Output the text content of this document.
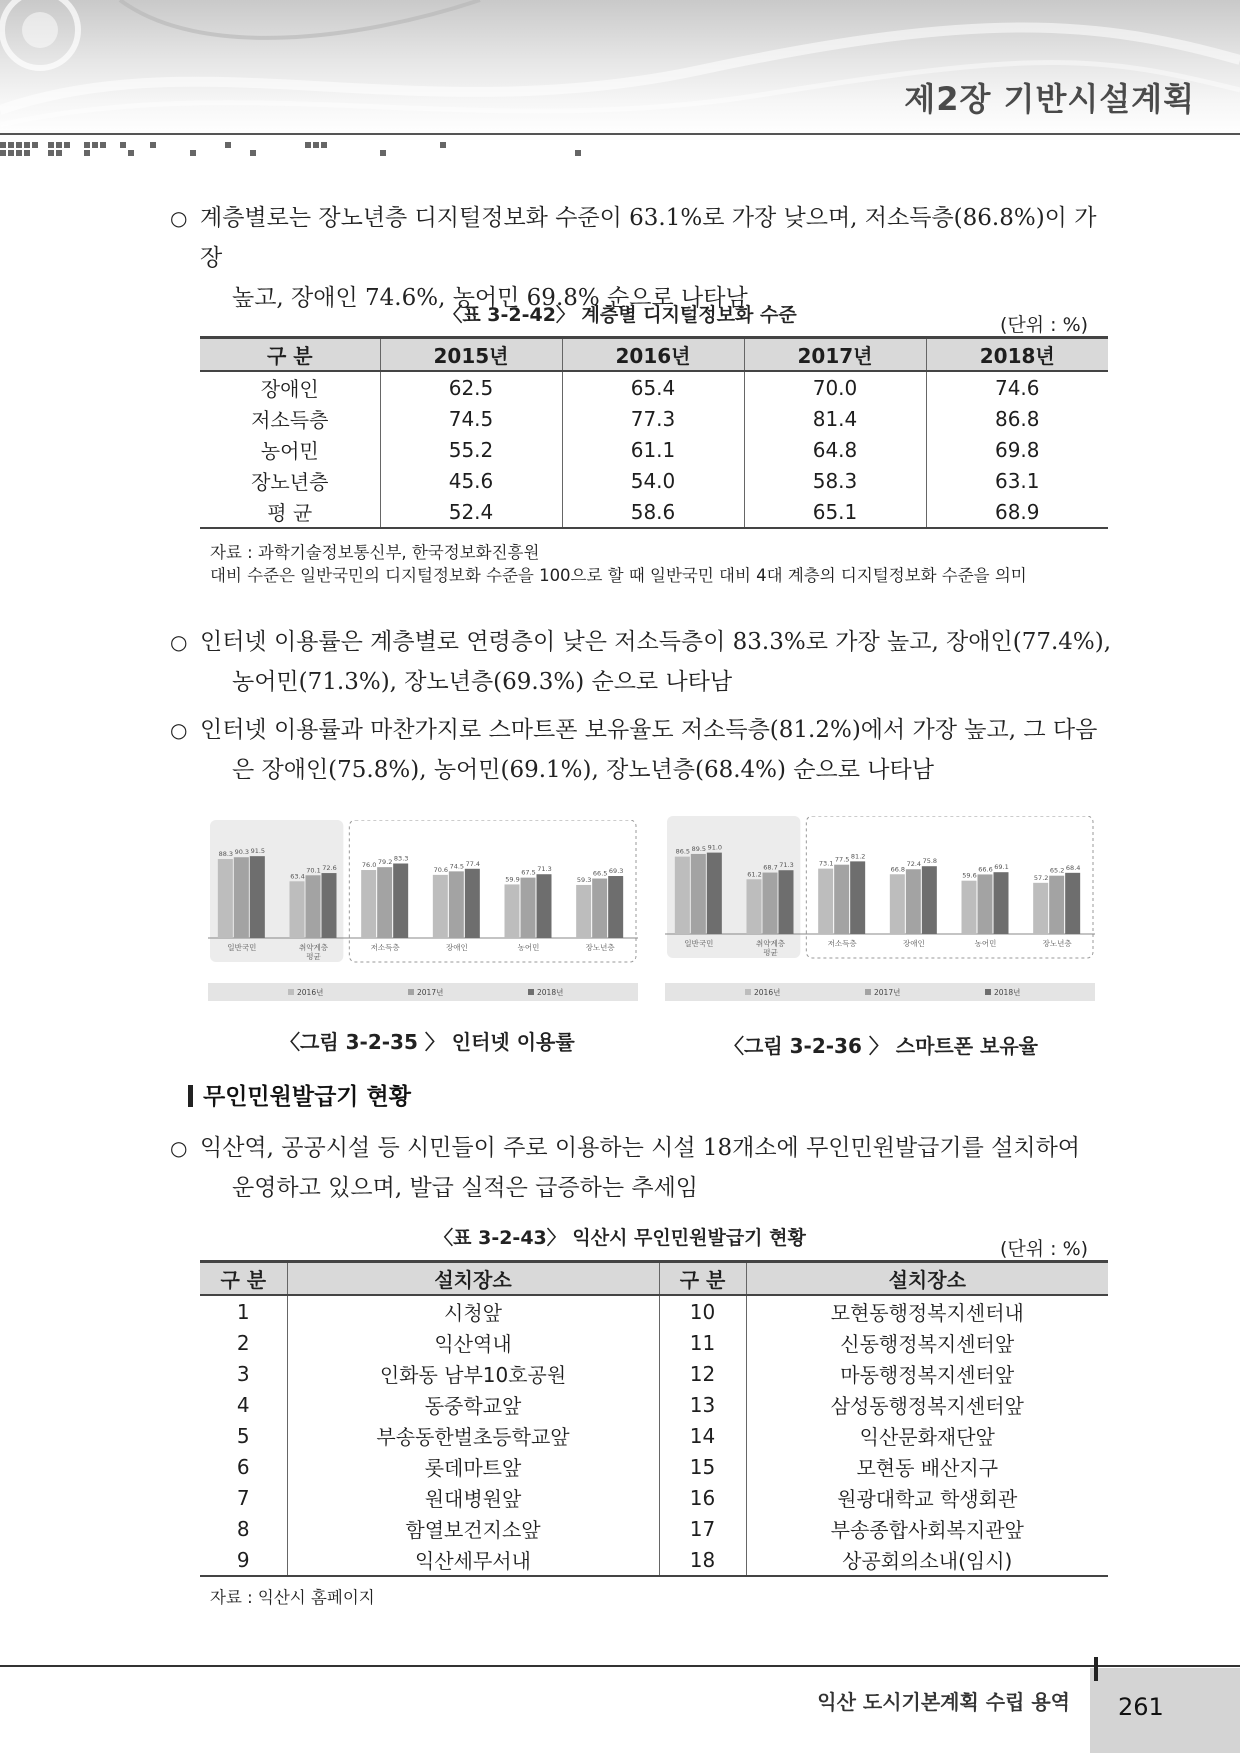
제2장 기반시설계획
○ 계층별로는 장노년층 디지털정보화 수준이 63.1%로 가장 낮으며, 저소득층(86.8%)이 가장
높고, 장애인 74.6%, 농어민 69.8% 순으로 나타남
〈표 3-2-42〉 계층별 디지털정보화 수준	(단위 : %)
구 분	2015년	2016년	2017년	2018년
장애인	62.5	65.4	70.0	74.6
저소득층	74.5	77.3	81.4	86.8
농어민	55.2	61.1	64.8	69.8
장노년층	45.6	54.0	58.3	63.1
평 균	52.4	58.6	65.1	68.9
자료 : 과학기술정보통신부, 한국정보화진흥원
대비 수준은 일반국민의 디지털정보화 수준을 100으로 할 때 일반국민 대비 4대 계층의 디지털정보화 수준을 의미
○ 인터넷 이용률은 계층별로 연령층이 낮은 저소득층이 83.3%로 가장 높고, 장애인(77.4%),
농어민(71.3%), 장노년층(69.3%) 순으로 나타남
○ 인터넷 이용률과 마찬가지로 스마트폰 보유율도 저소득층(81.2%)에서 가장 높고, 그 다음
은 장애인(75.8%), 농어민(69.1%), 장노년층(68.4%) 순으로 나타남
88.3 90.3 91.5
일반국민
63.4
70.1 72.6
취약계층
평균
76.0 79.2 83.3
저소득층
70.6 74.5 77.4
장애인
59.9
67.5 71.3
농어민
59.3
66.5 69.3
장노년층
2016년	2017년	2018년
86.5 89.5 91.0
일반국민
61.2
68.7 71.3
취약계층
평균
73.1 77.5 81.2
저소득층
66.8
72.4 75.8
장애인
59.6
66.6 69.1
농어민
57.2
65.2 68.4
장노년층
2016년	2017년	2018년
〈그림 3-2-35 〉 인터넷 이용률	〈그림 3-2-36 〉 스마트폰 보유율
무인민원발급기 현황
○ 익산역, 공공시설 등 시민들이 주로 이용하는 시설 18개소에 무인민원발급기를 설치하여
운영하고 있으며, 발급 실적은 급증하는 추세임
〈표 3-2-43〉 익산시 무인민원발급기 현황	(단위 : %)
구 분	설치장소	구 분	설치장소
1	시청앞	10	모현동행정복지센터내
2	익산역내	11	신동행정복지센터앞
3	인화동 남부10호공원	12	마동행정복지센터앞
4	동중학교앞	13	삼성동행정복지센터앞
5	부송동한벌초등학교앞	14	익산문화재단앞
6	롯데마트앞	15	모현동 배산지구
7	원대병원앞	16	원광대학교 학생회관
8	함열보건지소앞	17	부송종합사회복지관앞
9	익산세무서내	18	상공회의소내(임시)
자료 : 익산시 홈페이지
익산 도시기본계획 수립 용역 261
